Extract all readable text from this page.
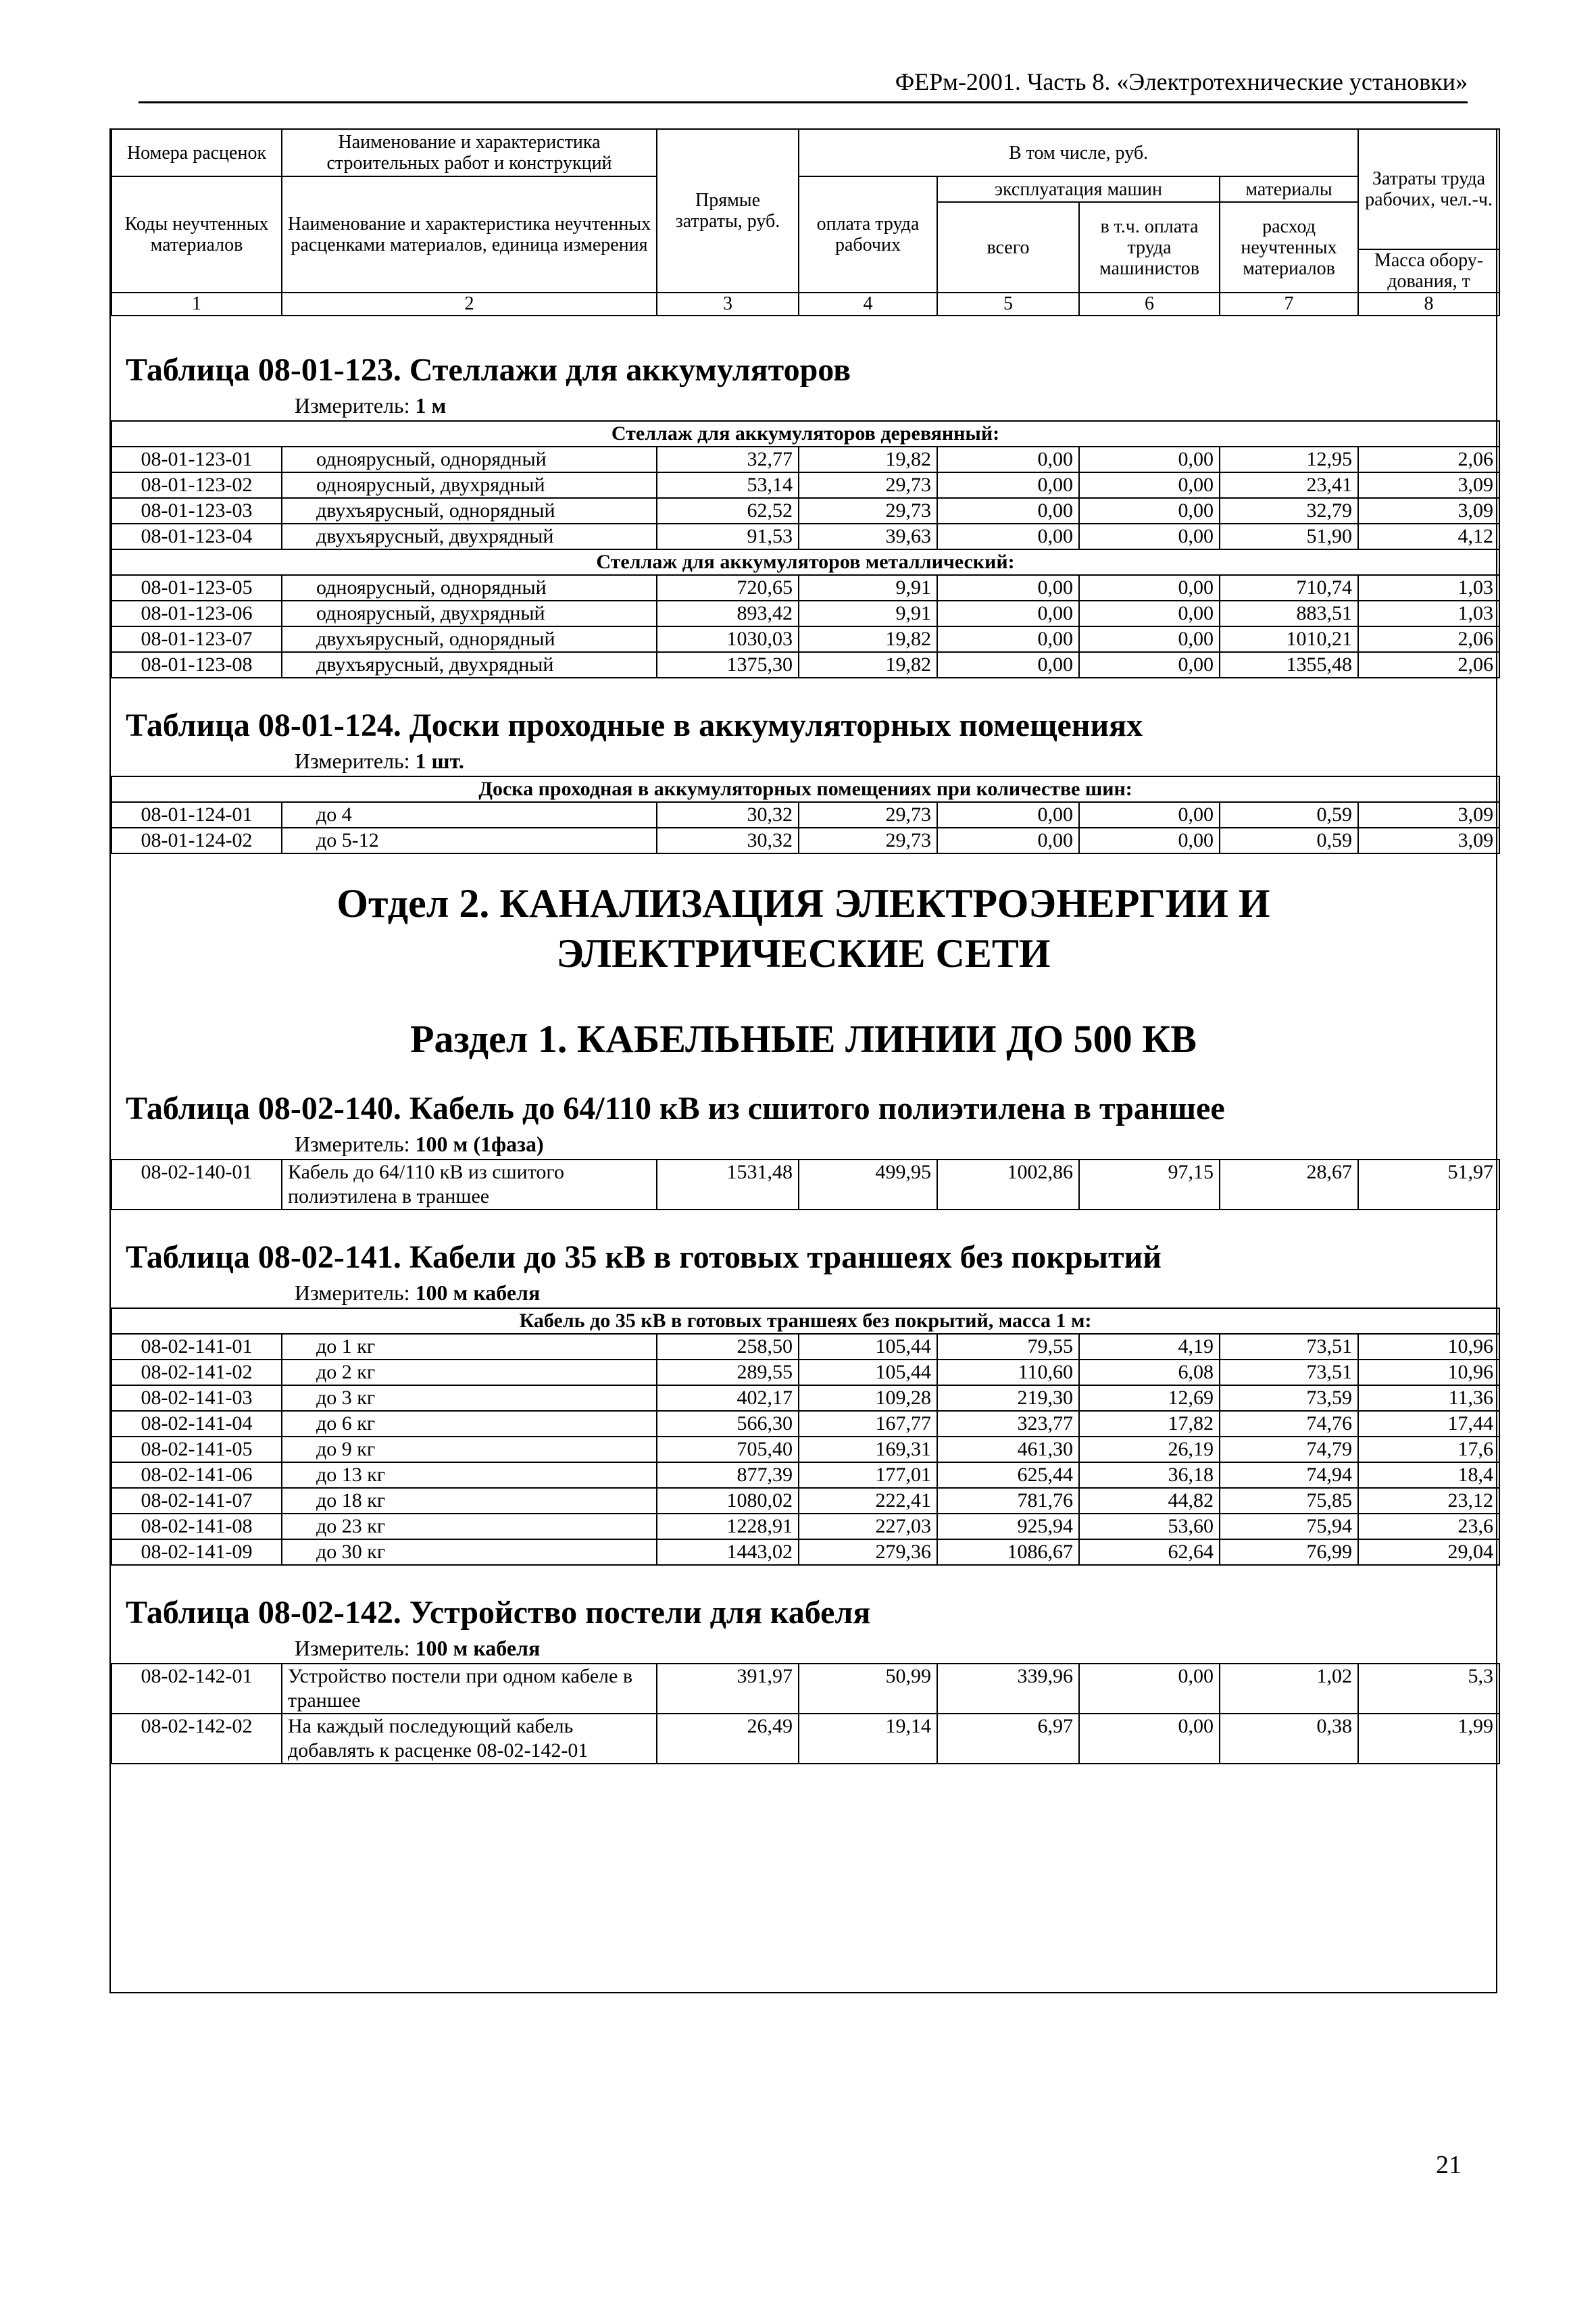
ФЕРм-2001. Часть 8. «Электротехнические установки»
Номера расценок	Наименование и характеристика строительных работ и конструкций	Прямые затраты, руб.	В том числе, руб.				Затраты труда рабочих, чел.-ч.
Коды неучтенных материалов	Наименование и характеристика неучтенных расценками материалов, единица измерения		оплата труда рабочих	эксплуатация машин		материалы	
				всего	в т.ч. оплата труда машинистов	расход неучтенных материалов	
							Масса обору-дования, т

1	2	3	4	5	6	7	8
Таблица 08-01-123. Стеллажи для аккумуляторов
Измеритель: 1 м
Стеллаж для аккумуляторов деревянный:							
08-01-123-01	одноярусный, однорядный	32,77	19,82	0,00	0,00	12,95	2,06
08-01-123-02	одноярусный, двухрядный	53,14	29,73	0,00	0,00	23,41	3,09
08-01-123-03	двухъярусный, однорядный	62,52	29,73	0,00	0,00	32,79	3,09
08-01-123-04	двухъярусный, двухрядный	91,53	39,63	0,00	0,00	51,90	4,12
Стеллаж для аккумуляторов металлический:							
08-01-123-05	одноярусный, однорядный	720,65	9,91	0,00	0,00	710,74	1,03
08-01-123-06	одноярусный, двухрядный	893,42	9,91	0,00	0,00	883,51	1,03
08-01-123-07	двухъярусный, однорядный	1030,03	19,82	0,00	0,00	1010,21	2,06
08-01-123-08	двухъярусный, двухрядный	1375,30	19,82	0,00	0,00	1355,48	2,06
Таблица 08-01-124. Доски проходные в аккумуляторных помещениях
Измеритель: 1 шт.
Доска проходная в аккумуляторных помещениях при количестве шин:							
08-01-124-01	до 4	30,32	29,73	0,00	0,00	0,59	3,09
08-01-124-02	до 5-12	30,32	29,73	0,00	0,00	0,59	3,09
Отдел 2. КАНАЛИЗАЦИЯ ЭЛЕКТРОЭНЕРГИИ И ЭЛЕКТРИЧЕСКИЕ СЕТИ
Раздел 1. КАБЕЛЬНЫЕ ЛИНИИ ДО 500 КВ
Таблица 08-02-140. Кабель до 64/110 кВ из сшитого полиэтилена в траншее
Измеритель: 100 м (1фаза)
08-02-140-01	Кабель до 64/110 кВ из сшитого полиэтилена в траншее	1531,48	499,95	1002,86	97,15	28,67	51,97
Таблица 08-02-141. Кабели до 35 кВ в готовых траншеях без покрытий
Измеритель: 100 м кабеля
Кабель до 35 кВ в готовых траншеях без покрытий, масса 1 м:							
08-02-141-01	до 1 кг	258,50	105,44	79,55	4,19	73,51	10,96
08-02-141-02	до 2 кг	289,55	105,44	110,60	6,08	73,51	10,96
08-02-141-03	до 3 кг	402,17	109,28	219,30	12,69	73,59	11,36
08-02-141-04	до 6 кг	566,30	167,77	323,77	17,82	74,76	17,44
08-02-141-05	до 9 кг	705,40	169,31	461,30	26,19	74,79	17,6
08-02-141-06	до 13 кг	877,39	177,01	625,44	36,18	74,94	18,4
08-02-141-07	до 18 кг	1080,02	222,41	781,76	44,82	75,85	23,12
08-02-141-08	до 23 кг	1228,91	227,03	925,94	53,60	75,94	23,6
08-02-141-09	до 30 кг	1443,02	279,36	1086,67	62,64	76,99	29,04
Таблица 08-02-142. Устройство постели для кабеля
Измеритель: 100 м кабеля
08-02-142-01	Устройство постели при одном кабеле в траншее	391,97	50,99	339,96	0,00	1,02	5,3
08-02-142-02	На каждый последующий кабель добавлять к расценке 08-02-142-01	26,49	19,14	6,97	0,00	0,38	1,99
21
